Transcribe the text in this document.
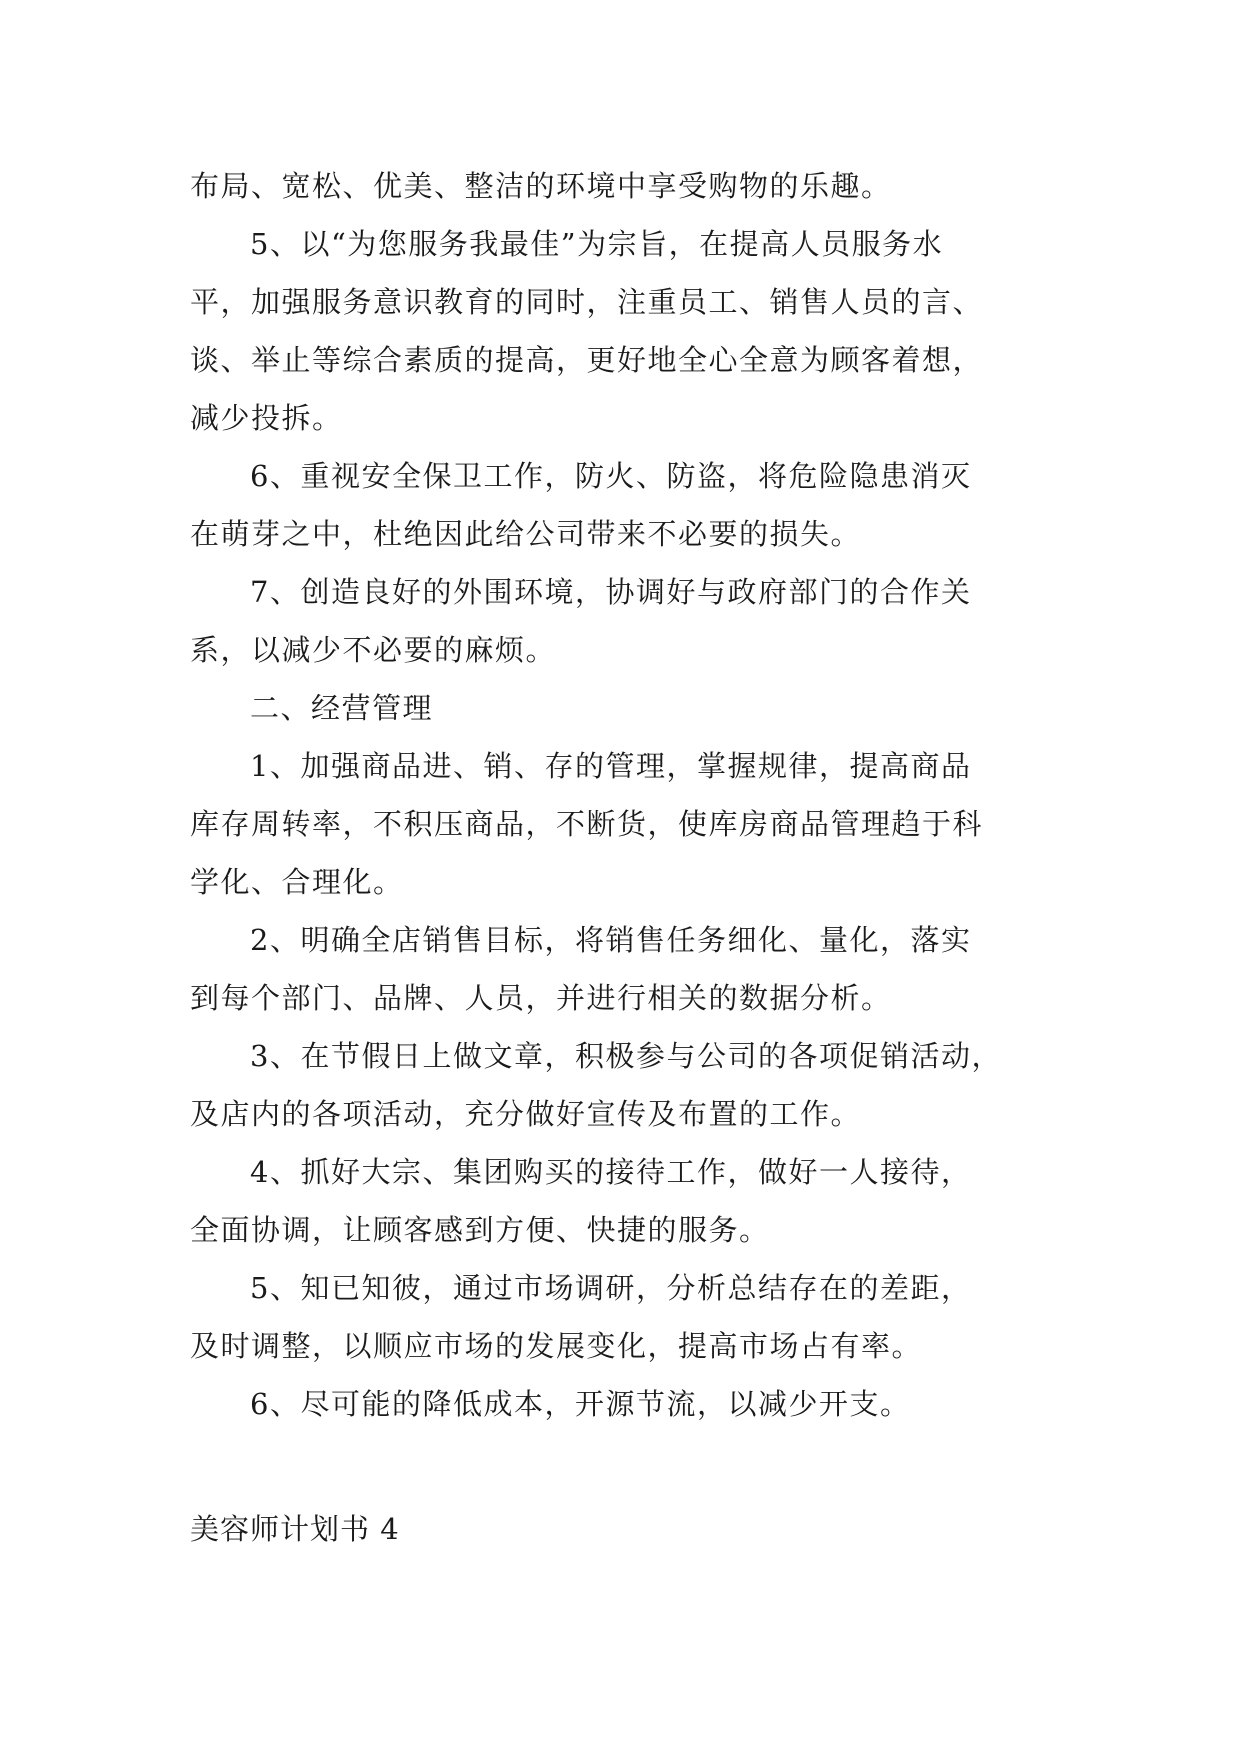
布局、宽松、优美、整洁的环境中享受购物的乐趣。
5、以“为您服务我最佳”为宗旨，在提高人员服务水
平，加强服务意识教育的同时，注重员工、销售人员的言、
谈、举止等综合素质的提高，更好地全心全意为顾客着想，
减少投拆。
6、重视安全保卫工作，防火、防盗，将危险隐患消灭
在萌芽之中，杜绝因此给公司带来不必要的损失。
7、创造良好的外围环境，协调好与政府部门的合作关
系，以减少不必要的麻烦。
二、经营管理
1、加强商品进、销、存的管理，掌握规律，提高商品
库存周转率，不积压商品，不断货，使库房商品管理趋于科
学化、合理化。
2、明确全店销售目标，将销售任务细化、量化，落实
到每个部门、品牌、人员，并进行相关的数据分析。
3、在节假日上做文章，积极参与公司的各项促销活动，
及店内的各项活动，充分做好宣传及布置的工作。
4、抓好大宗、集团购买的接待工作，做好一人接待，
全面协调，让顾客感到方便、快捷的服务。
5、知已知彼，通过市场调研，分析总结存在的差距，
及时调整，以顺应市场的发展变化，提高市场占有率。
6、尽可能的降低成本，开源节流，以减少开支。
美容师计划书 4
